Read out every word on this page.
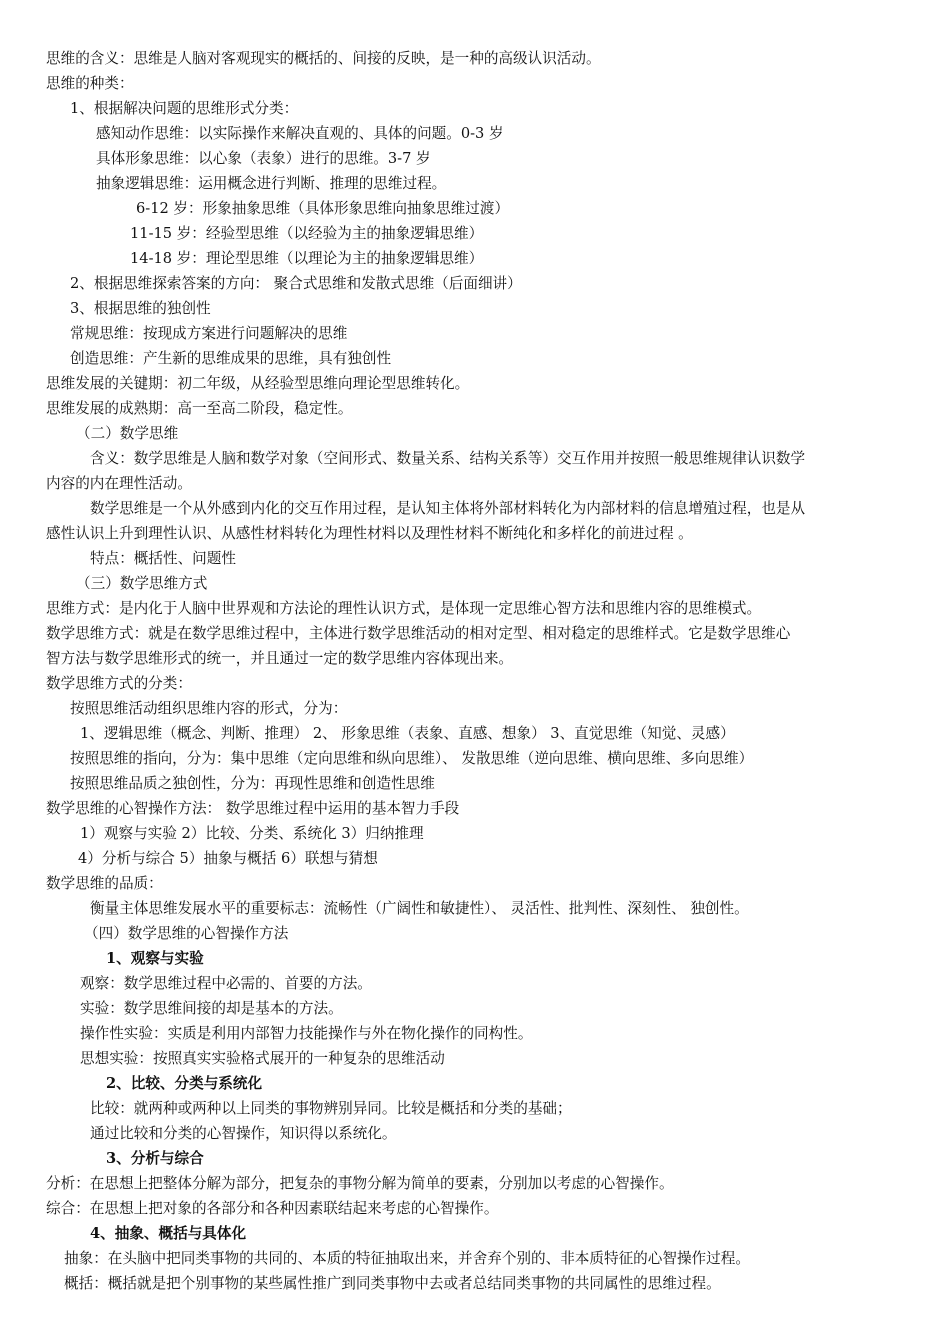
思维的含义：思维是人脑对客观现实的概括的、间接的反映，是一种的高级认识活动。

思维的种类：

1、根据解决问题的思维形式分类：

感知动作思维：以实际操作来解决直观的、具体的问题。0-3 岁

具体形象思维：以心象（表象）进行的思维。3-7 岁

抽象逻辑思维：运用概念进行判断、推理的思维过程。

6-12 岁：形象抽象思维（具体形象思维向抽象思维过渡）

11-15 岁：经验型思维（以经验为主的抽象逻辑思维）

14-18 岁：理论型思维（以理论为主的抽象逻辑思维）

2、根据思维探索答案的方向： 聚合式思维和发散式思维（后面细讲）

3、根据思维的独创性

常规思维：按现成方案进行问题解决的思维

创造思维：产生新的思维成果的思维，具有独创性

思维发展的关键期：初二年级，从经验型思维向理论型思维转化。

思维发展的成熟期：高一至高二阶段，稳定性。

（二）数学思维

含义：数学思维是人脑和数学对象（空间形式、数量关系、结构关系等）交互作用并按照一般思维规律认识数学

内容的内在理性活动。

数学思维是一个从外感到内化的交互作用过程，是认知主体将外部材料转化为内部材料的信息增殖过程，也是从

感性认识上升到理性认识、从感性材料转化为理性材料以及理性材料不断纯化和多样化的前进过程 。

特点：概括性、问题性

（三）数学思维方式

思维方式：是内化于人脑中世界观和方法论的理性认识方式，是体现一定思维心智方法和思维内容的思维模式。

数学思维方式：就是在数学思维过程中，主体进行数学思维活动的相对定型、相对稳定的思维样式。它是数学思维心

智方法与数学思维形式的统一，并且通过一定的数学思维内容体现出来。

数学思维方式的分类：

按照思维活动组织思维内容的形式，分为：

1、逻辑思维（概念、判断、推理） 2、 形象思维（表象、直感、想象） 3、直觉思维（知觉、灵感）

按照思维的指向，分为：集中思维（定向思维和纵向思维）、 发散思维（逆向思维、横向思维、多向思维）

按照思维品质之独创性，分为：再现性思维和创造性思维

数学思维的心智操作方法： 数学思维过程中运用的基本智力手段

1）观察与实验 2）比较、分类、系统化 3）归纳推理

4）分析与综合 5）抽象与概括 6）联想与猜想

数学思维的品质：

衡量主体思维发展水平的重要标志：流畅性（广阔性和敏捷性）、 灵活性、批判性、深刻性、 独创性。

（四）数学思维的心智操作方法

1、观察与实验

观察：数学思维过程中必需的、首要的方法。

实验：数学思维间接的却是基本的方法。

操作性实验：实质是利用内部智力技能操作与外在物化操作的同构性。

思想实验：按照真实实验格式展开的一种复杂的思维活动

2、比较、分类与系统化

比较：就两种或两种以上同类的事物辨别异同。比较是概括和分类的基础；

通过比较和分类的心智操作，知识得以系统化。

3、分析与综合

分析：在思想上把整体分解为部分，把复杂的事物分解为简单的要素，分别加以考虑的心智操作。

综合：在思想上把对象的各部分和各种因素联结起来考虑的心智操作。

4、抽象、概括与具体化

抽象：在头脑中把同类事物的共同的、本质的特征抽取出来，并舍弃个别的、非本质特征的心智操作过程。

概括：概括就是把个别事物的某些属性推广到同类事物中去或者总结同类事物的共同属性的思维过程。
